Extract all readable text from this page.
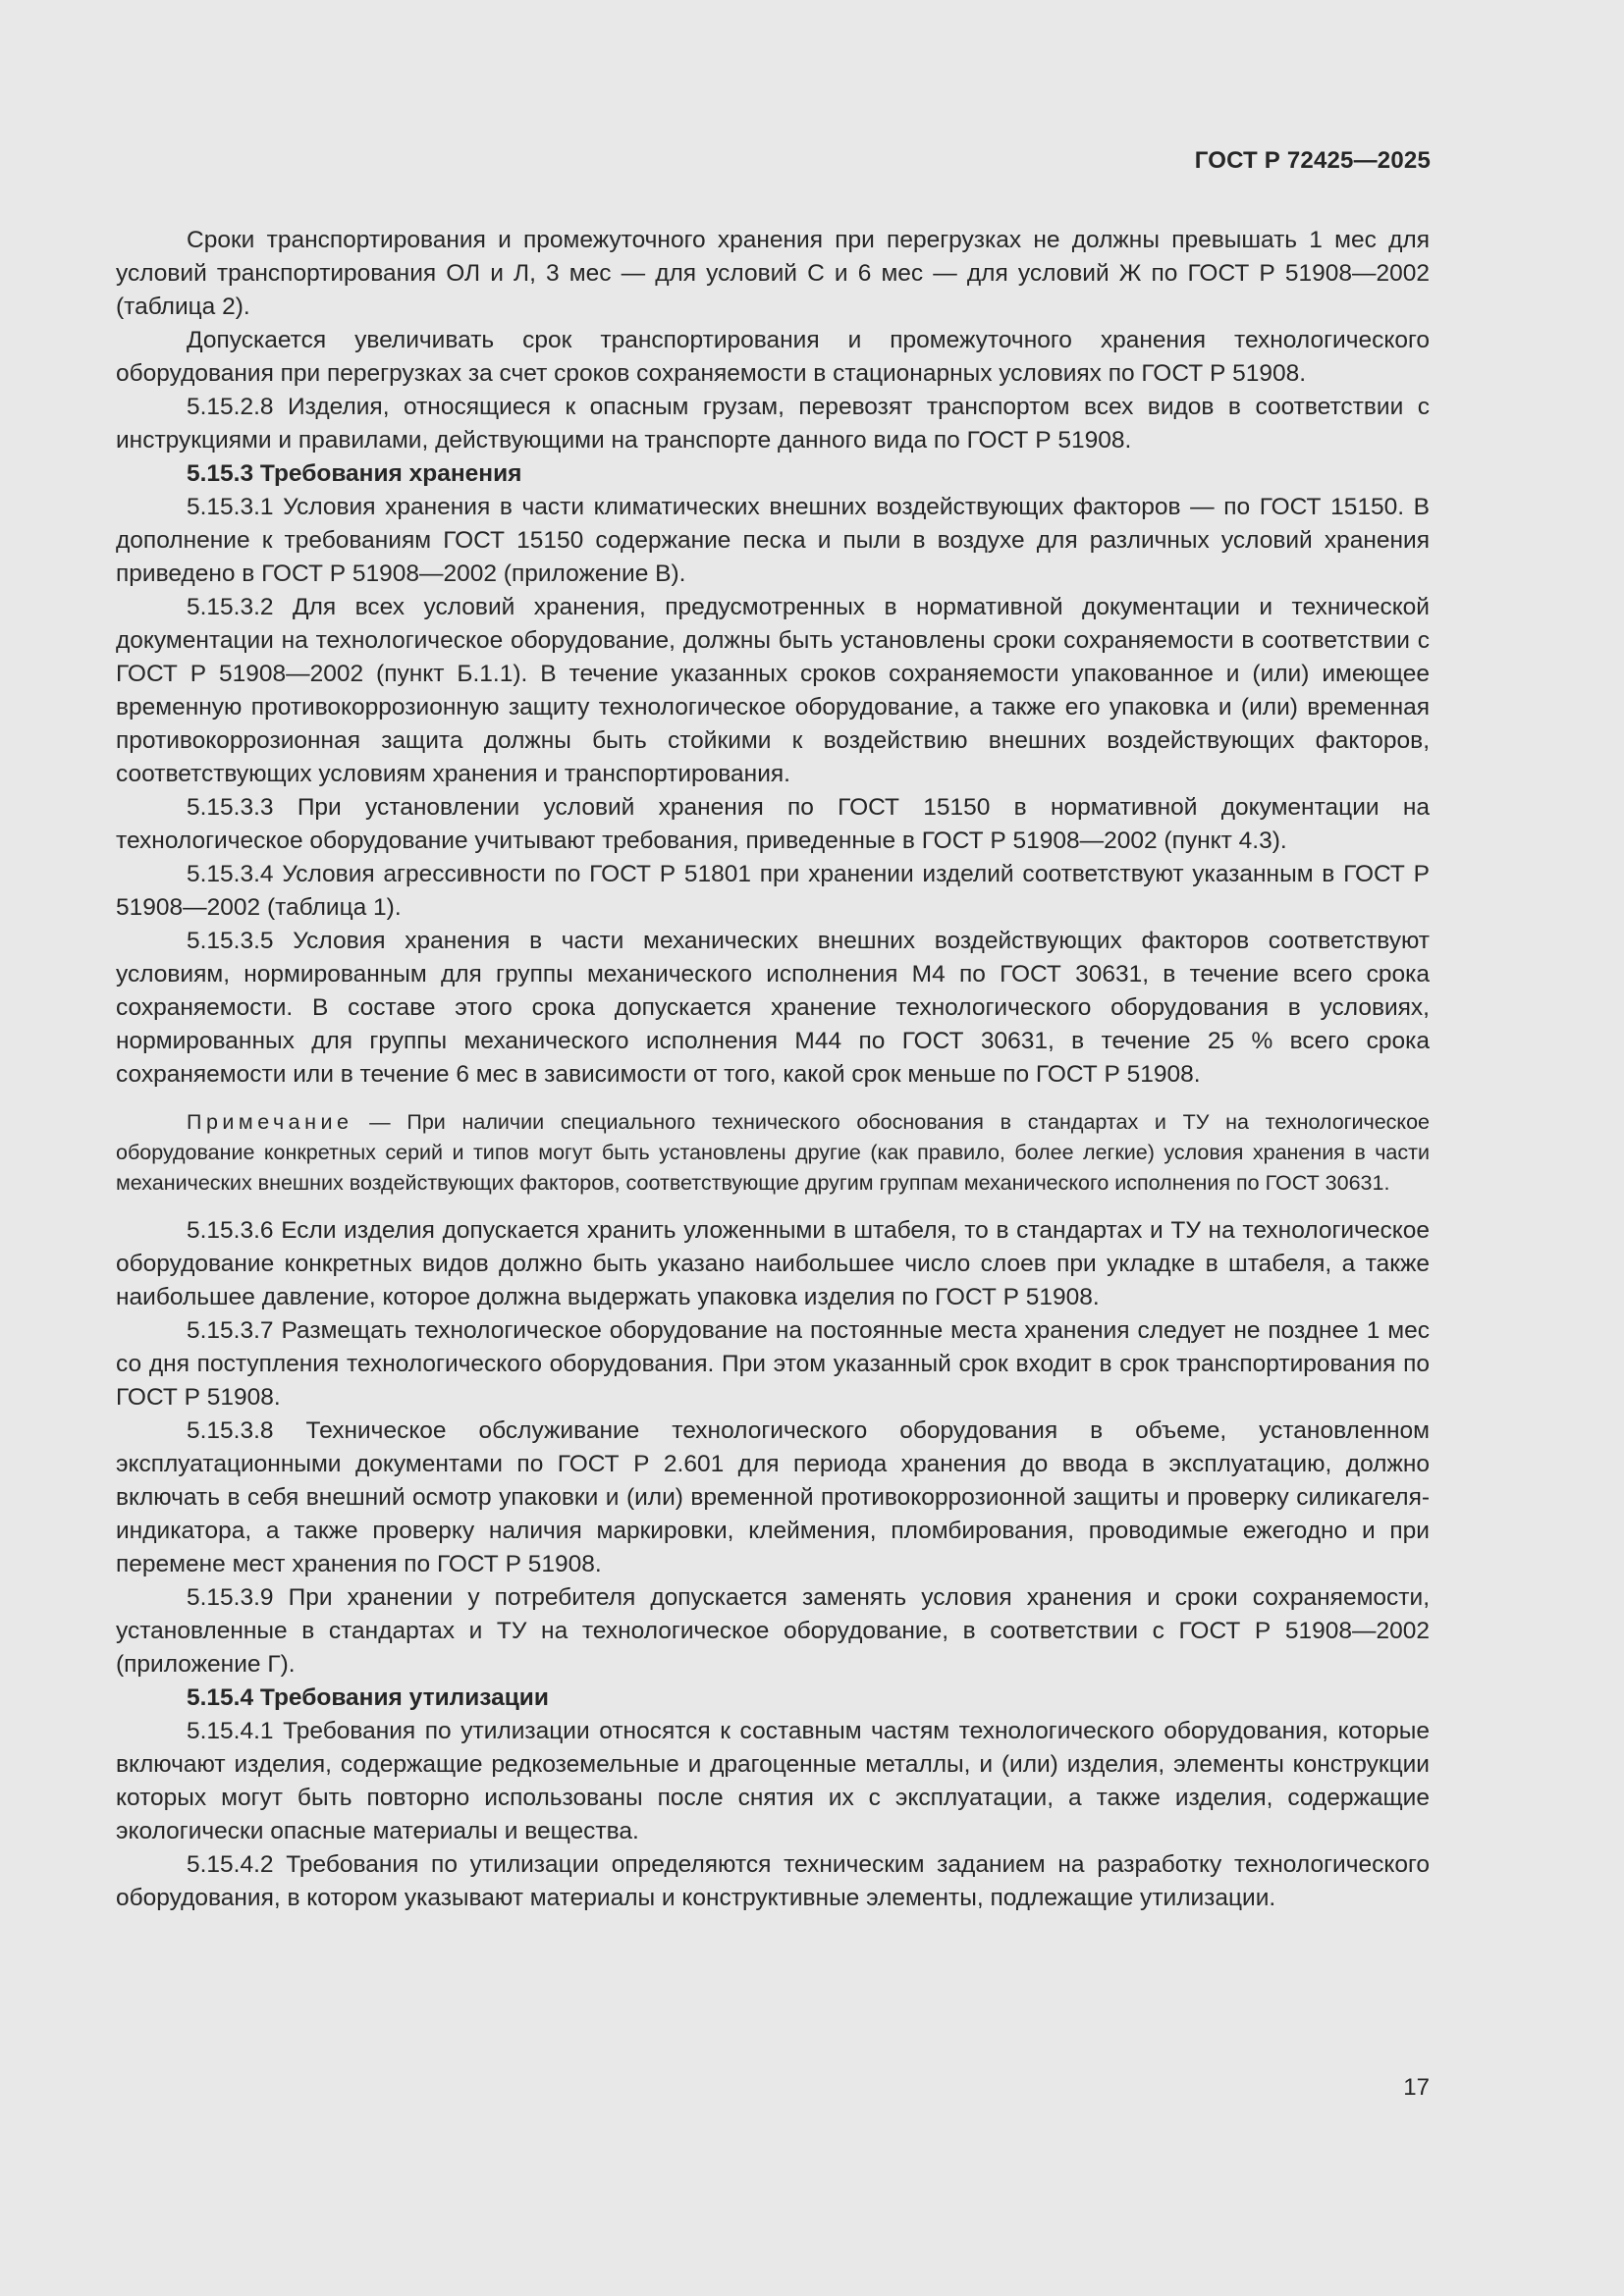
ГОСТ Р 72425—2025

Сроки транспортирования и промежуточного хранения при перегрузках не должны превышать 1 мес для условий транспортирования ОЛ и Л, 3 мес — для условий С и 6 мес — для условий Ж по ГОСТ Р 51908—2002 (таблица 2).

Допускается увеличивать срок транспортирования и промежуточного хранения технологического оборудования при перегрузках за счет сроков сохраняемости в стационарных условиях по ГОСТ Р 51908.

5.15.2.8 Изделия, относящиеся к опасным грузам, перевозят транспортом всех видов в соответствии с инструкциями и правилами, действующими на транспорте данного вида по ГОСТ Р 51908.

5.15.3 Требования хранения

5.15.3.1 Условия хранения в части климатических внешних воздействующих факторов — по ГОСТ 15150. В дополнение к требованиям ГОСТ 15150 содержание песка и пыли в воздухе для различных условий хранения приведено в ГОСТ Р 51908—2002 (приложение В).

5.15.3.2 Для всех условий хранения, предусмотренных в нормативной документации и технической документации на технологическое оборудование, должны быть установлены сроки сохраняемости в соответствии с ГОСТ Р 51908—2002 (пункт Б.1.1). В течение указанных сроков сохраняемости упакованное и (или) имеющее временную противокоррозионную защиту технологическое оборудование, а также его упаковка и (или) временная противокоррозионная защита должны быть стойкими к воздействию внешних воздействующих факторов, соответствующих условиям хранения и транспортирования.

5.15.3.3 При установлении условий хранения по ГОСТ 15150 в нормативной документации на технологическое оборудование учитывают требования, приведенные в ГОСТ Р 51908—2002 (пункт 4.3).

5.15.3.4 Условия агрессивности по ГОСТ Р 51801 при хранении изделий соответствуют указанным в ГОСТ Р 51908—2002 (таблица 1).

5.15.3.5 Условия хранения в части механических внешних воздействующих факторов соответствуют условиям, нормированным для группы механического исполнения М4 по ГОСТ 30631, в течение всего срока сохраняемости. В составе этого срока допускается хранение технологического оборудования в условиях, нормированных для группы механического исполнения М44 по ГОСТ 30631, в течение 25 % всего срока сохраняемости или в течение 6 мес в зависимости от того, какой срок меньше по ГОСТ Р 51908.

Примечание — При наличии специального технического обоснования в стандартах и ТУ на технологическое оборудование конкретных серий и типов могут быть установлены другие (как правило, более легкие) условия хранения в части механических внешних воздействующих факторов, соответствующие другим группам механического исполнения по ГОСТ 30631.

5.15.3.6 Если изделия допускается хранить уложенными в штабеля, то в стандартах и ТУ на технологическое оборудование конкретных видов должно быть указано наибольшее число слоев при укладке в штабеля, а также наибольшее давление, которое должна выдержать упаковка изделия по ГОСТ Р 51908.

5.15.3.7 Размещать технологическое оборудование на постоянные места хранения следует не позднее 1 мес со дня поступления технологического оборудования. При этом указанный срок входит в срок транспортирования по ГОСТ Р 51908.

5.15.3.8 Техническое обслуживание технологического оборудования в объеме, установленном эксплуатационными документами по ГОСТ Р 2.601 для периода хранения до ввода в эксплуатацию, должно включать в себя внешний осмотр упаковки и (или) временной противокоррозионной защиты и проверку силикагеля-индикатора, а также проверку наличия маркировки, клеймения, пломбирования, проводимые ежегодно и при перемене мест хранения по ГОСТ Р 51908.

5.15.3.9 При хранении у потребителя допускается заменять условия хранения и сроки сохраняемости, установленные в стандартах и ТУ на технологическое оборудование, в соответствии с ГОСТ Р 51908—2002 (приложение Г).

5.15.4 Требования утилизации

5.15.4.1 Требования по утилизации относятся к составным частям технологического оборудования, которые включают изделия, содержащие редкоземельные и драгоценные металлы, и (или) изделия, элементы конструкции которых могут быть повторно использованы после снятия их с эксплуатации, а также изделия, содержащие экологически опасные материалы и вещества.

5.15.4.2 Требования по утилизации определяются техническим заданием на разработку технологического оборудования, в котором указывают материалы и конструктивные элементы, подлежащие утилизации.

17
